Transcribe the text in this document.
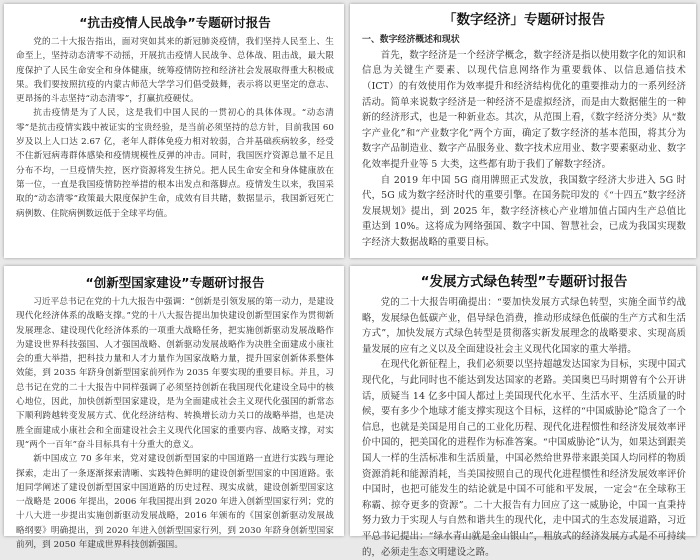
“抗击疫情人民战争”专题研讨报告

党的二十大报告指出，面对突如其来的新冠肺炎疫情，我们坚持人民至上、生命至上，坚持动态清零不动摇，开展抗击疫情人民战争、总体战、阻击战，最大限度保护了人民生命安全和身体健康，统筹疫情防控和经济社会发展取得重大积极成果。我们要按照抗疫的内蒙古师范大学学习们倡受鼓舞，表示将以更坚定的意志、更昂扬的斗志坚持“动态清零”，打赢抗疫硬仗。

抗击疫情是为了人民，这是我们中国人民的一贯初心的具体体现。“动态清零”是抗击疫情实践中被证实的宝贵经验，是当前必须坚持的总方针，目前我国 60 岁及以上人口达 2.67 亿，老年人群体免疫力相对较弱，合并基础疾病较多，经受不住新冠病毒群体感染和疫情规模性反弹的冲击。同时，我国医疗资源总量不足且分布不均，一旦疫情失控，医疗资源将发生挤兑。把人民生命安全和身体健康放在第一位，一直是我国疫情防控举措的根本出发点和落脚点。疫情发生以来，我国采取的“动态清零”政策最大限度保护生命，成效有目共睹，数据显示，我国新冠死亡病例数、住院病例数远低于全球平均值。

「数字经济」专题研讨报告

一、数字经济概述和现状

首先，数字经济是一个经济学概念，数字经济是指以使用数字化的知识和信息为关键生产要素、以现代信息网络作为重要载体、以信息通信技术（ICT）的有效使用作为效率提升和经济结构优化的重要推动力的一系列经济活动。简单来说数字经济是一种经济不是虚拟经济，而是由大数据催生的一种新的经济形式，也是一种新业态。其次，从范围上看，《数字经济分类》从“数字产业化”和“产业数字化”两个方面，确定了数字经济的基本范围，将其分为数字产品制造业、数字产品服务业、数字技术应用业、数字要素驱动业、数字化效率提升业等 5 大类，这些都有助于我们了解数字经济。

自 2019 年中国 5G 商用牌照正式发放，我国数字经济大步进入 5G 时代，5G 成为数字经济时代的重要引擎。在国务院印发的《“十四五”数字经济发展规划》提出，到 2025 年，数字经济核心产业增加值占国内生产总值比重达到 10%。这将成为网络强国、数字中国、智慧社会，已成为我国实现数字经济大数据战略的重要目标。

“创新型国家建设”专题研讨报告

习近平总书记在党的十九大报告中强调：“创新是引领发展的第一动力，是建设现代化经济体系的战略支撑。”党的十八大报告提出加快建设创新型国家作为贯彻新发展理念、建设现代化经济体系的一项重大战略任务，把实施创新驱动发展战略作为建设世界科技强国、人才强国战略、创新驱动发展战略作为决胜全面建成小康社会的重大举措，把科技力量和人才力量作为国家战略力量，提升国家创新体系整体效能，到 2035 年跻身创新型国家前列作为 2035 年要实现的重要目标。并且，习总书记在党的二十大报告中同样强调了必须坚持创新在我国现代化建设全局中的核心地位，因此，加快创新型国家建设，是为全面建成社会主义现代化强国的新常态下顺利跨越转变发展方式、优化经济结构、转换增长动力关口的战略举措，也是决胜全面建成小康社会和全面建设社会主义现代化国家的重要内容、战略支撑，对实现“两个一百年”奋斗目标具有十分重大的意义。

新中国成立 70 多年来，党对建设创新型国家的中国道路一直进行实践与理论探索，走出了一条逐渐探索清晰、实践特色鲜明的建设创新型国家的中国道路。张旭同学阐述了建设创新型国家中国道路的历史过程、现实成就，建设创新型国家这一战略是 2006 年提出，2006 年我国提出到 2020 年进入创新型国家行列；党的十八大进一步提出实施创新驱动发展战略，2016 年颁布的《国家创新驱动发展战略纲要》明确提出，到 2020 年进入创新型国家行列，到 2030 年跻身创新型国家前列，到 2050 年建成世界科技创新强国。

“发展方式绿色转型”专题研讨报告

党的二十大报告明确提出：“要加快发展方式绿色转型，实施全面节约战略，发展绿色低碳产业，倡导绿色消费，推动形成绿色低碳的生产方式和生活方式”，加快发展方式绿色转型是贯彻落实新发展理念的战略要求、实现高质量发展的应有之义以及全面建设社会主义现代化国家的重大举措。

在现代化新征程上，我们必须要以坚持超越发达国家为目标，实现中国式现代化，与此同时也不能达到发达国家的老路。美国奥巴马时期曾有个公开讲话，质疑当 14 亿多中国人都过上美国现代化水平、生活水平、生活质量的时候，要有多少个地球才能支撑实现这个目标，这样的“中国威胁论”隐含了一个信息，也就是美国是用自己的工业化历程、现代化进程惯性和经济发展效率评价中国的，把美国化的进程作为标准答案。“中国威胁论”认为，如果达到跟美国人一样的生活标准和生活质量，中国必然给世界带来跟美国人均同样的物质资源消耗和能源消耗，当美国按照自己的现代化进程惯性和经济发展效率评价中国时，也把可能发生的结论就是中国不可能和平发展，一定会“在全球称王称霸、掠夺更多的资源”。二十大报告有力回应了这一威胁论，中国一直秉持努力致力于实现人与自然和谐共生的现代化，走中国式的生态发展道路，习近平总书记提出：“绿水青山就是金山银山”，粗放式的经济发展方式是不可持续的，必须走生态文明建设之路。
